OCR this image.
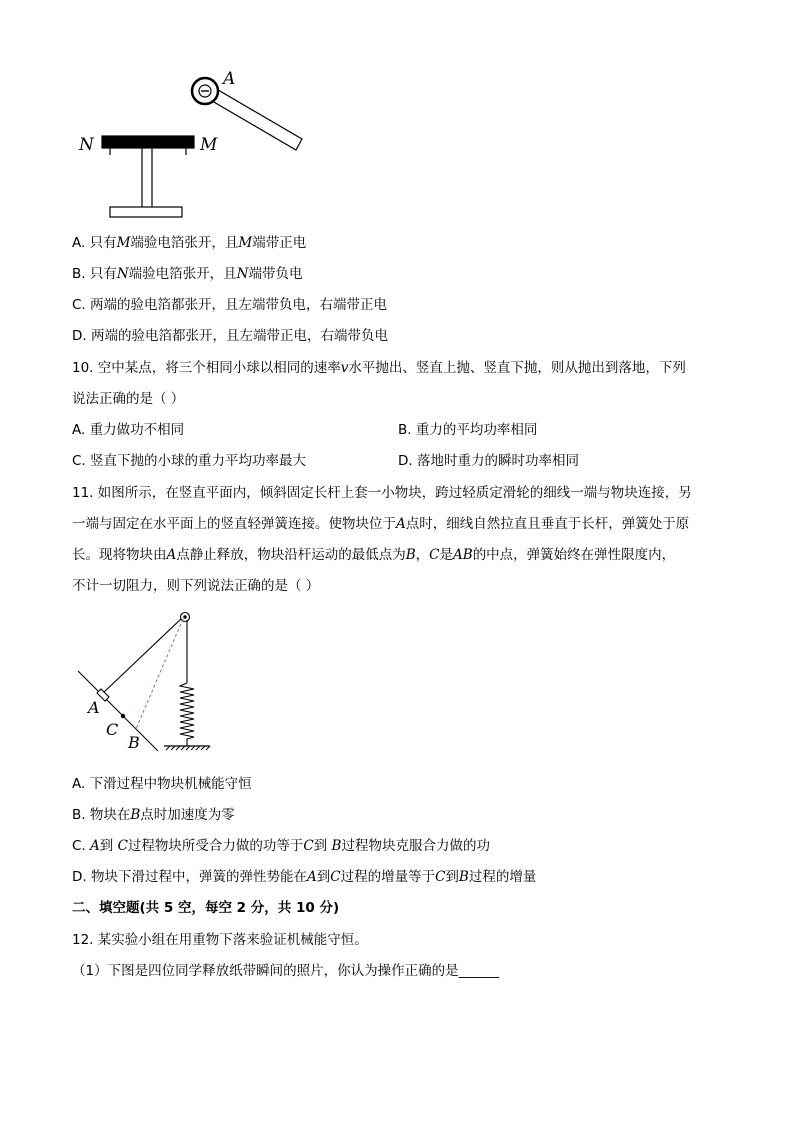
A
N	M
A. 只有M端验电箔张开，且M端带正电
B. 只有N端验电箔张开，且N端带负电
C. 两端的验电箔都张开，且左端带负电，右端带正电
D. 两端的验电箔都张开，且左端带正电，右端带负电
10. 空中某点，将三个相同小球以相同的速率v水平抛出、竖直上抛、竖直下抛，则从抛出到落地，下列
说法正确的是（ ）
A. 重力做功不相同	B. 重力的平均功率相同
C. 竖直下抛的小球的重力平均功率最大	D. 落地时重力的瞬时功率相同
11. 如图所示，在竖直平面内，倾斜固定长杆上套一小物块，跨过轻质定滑轮的细线一端与物块连接，另
一端与固定在水平面上的竖直轻弹簧连接。使物块位于A点时，细线自然拉直且垂直于长杆，弹簧处于原
长。现将物块由A点静止释放，物块沿杆运动的最低点为B，C是AB的中点，弹簧始终在弹性限度内，
不计一切阻力，则下列说法正确的是（ ）
A
C
B
A. 下滑过程中物块机械能守恒
B. 物块在B点时加速度为零
C. A到 C过程物块所受合力做的功等于C到 B过程物块克服合力做的功
D. 物块下滑过程中，弹簧的弹性势能在A到C过程的增量等于C到B过程的增量
二、填空题(共 5 空，每空 2 分，共 10 分)
12. 某实验小组在用重物下落来验证机械能守恒。
（1）下图是四位同学释放纸带瞬间的照片，你认为操作正确的是______
